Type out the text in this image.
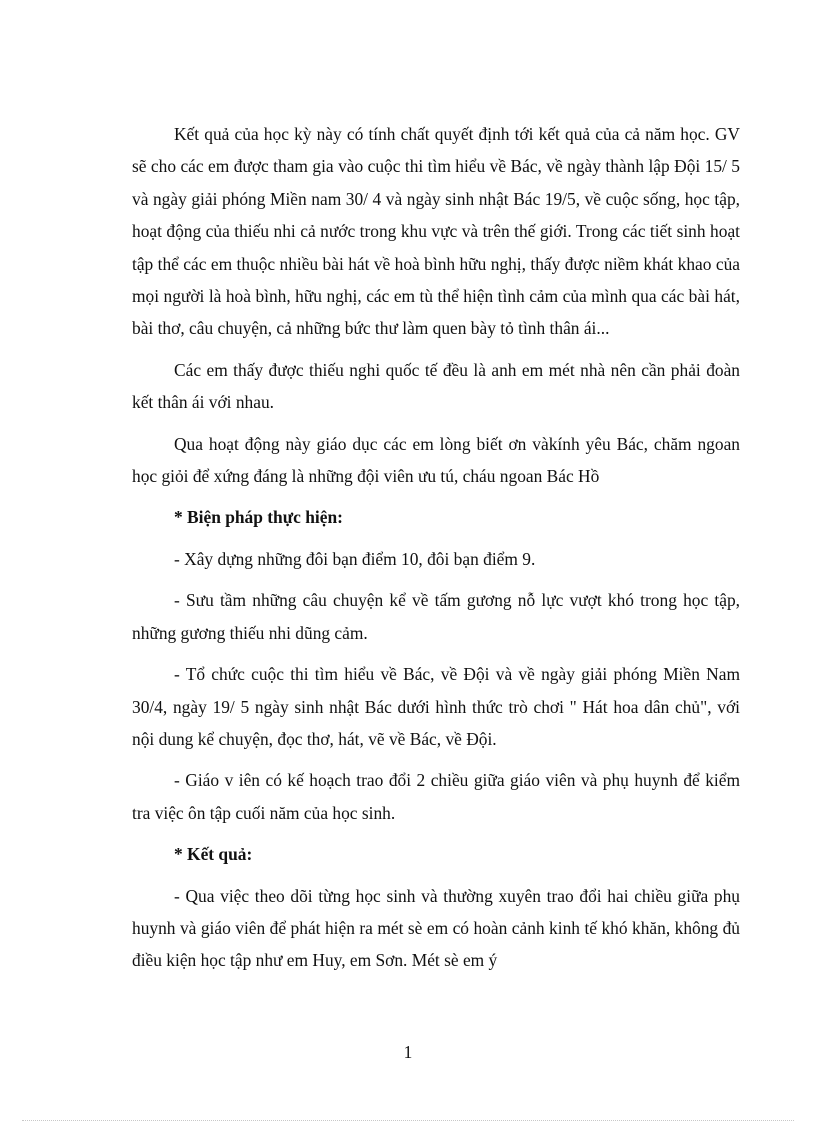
Kết quả của học kỳ này có tính chất quyết định tới kết quả của cả năm học. GV sẽ cho các em được tham gia vào cuộc thi tìm hiểu về Bác, về ngày thành lập Đội 15/ 5 và ngày giải phóng Miền nam 30/ 4 và ngày sinh nhật Bác 19/5, về cuộc sống, học tập, hoạt động của thiếu nhi cả nước trong khu vực và trên thế giới. Trong các tiết sinh hoạt tập thể các em thuộc nhiều bài hát về hoà bình hữu nghị, thấy được niềm khát khao của mọi người là hoà bình, hữu nghị, các em tù thể hiện tình cảm của mình qua các bài hát, bài thơ, câu chuyện, cả những bức thư làm quen bày tỏ tình thân ái...

Các em thấy được thiếu nghi quốc tế đều là anh em mét nhà nên cần phải đoàn kết thân ái với nhau.

Qua hoạt động này giáo dục các em lòng biết ơn vàkính yêu Bác, chăm ngoan học giỏi để xứng đáng là những đội viên ưu tú, cháu ngoan Bác Hồ

* Biện pháp thực hiện:

- Xây dựng những đôi bạn điểm 10, đôi bạn điểm 9.

- Sưu tầm những câu chuyện kể về tấm gương nỗ lực vượt khó trong học tập, những gương thiếu nhi dũng cảm.

- Tổ chức cuộc thi tìm hiểu về Bác, về Đội và về ngày giải phóng Miền Nam 30/4, ngày 19/ 5 ngày sinh nhật Bác dưới hình thức trò chơi " Hát hoa dân chủ", với nội dung kể chuyện, đọc thơ, hát, vẽ về Bác, về Đội.

- Giáo v iên có kế hoạch trao đổi 2 chiều giữa giáo viên và phụ huynh để kiểm tra việc ôn tập cuối năm của học sinh.

* Kết quả:

- Qua việc theo dõi từng học sinh và thường xuyên trao đổi hai chiều giữa phụ huynh và giáo viên để phát hiện ra mét sè em có hoàn cảnh kinh tế khó khăn, không đủ điều kiện học tập như em Huy, em Sơn. Mét sè em ý

1
